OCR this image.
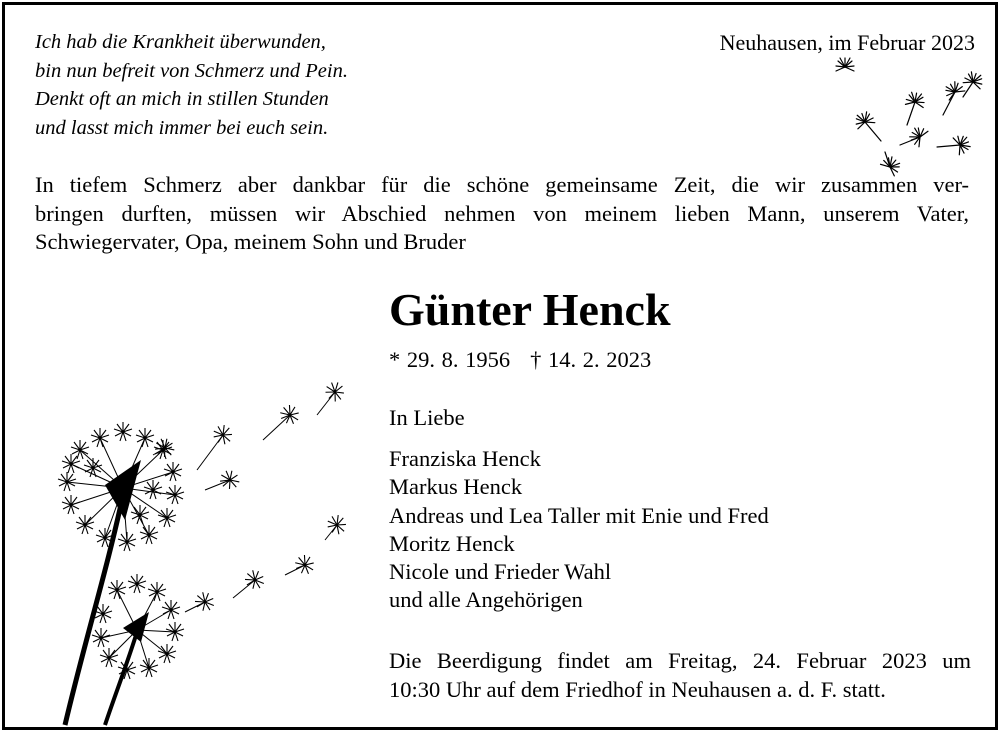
Ich hab die Krankheit überwunden,
bin nun befreit von Schmerz und Pein.
Denkt oft an mich in stillen Stunden
und lasst mich immer bei euch sein.
Neuhausen, im Februar 2023
In tiefem Schmerz aber dankbar für die schöne gemeinsame Zeit, die wir zusammen ver-
bringen durften, müssen wir Abschied nehmen von meinem lieben Mann, unserem Vater,
Schwiegervater, Opa, meinem Sohn und Bruder
Günter Henck
* 29. 8. 1956 † 14. 2. 2023
In Liebe
Franziska Henck
Markus Henck
Andreas und Lea Taller mit Enie und Fred
Moritz Henck
Nicole und Frieder Wahl
und alle Angehörigen
Die Beerdigung findet am Freitag, 24. Februar 2023 um
10:30 Uhr auf dem Friedhof in Neuhausen a. d. F. statt.
